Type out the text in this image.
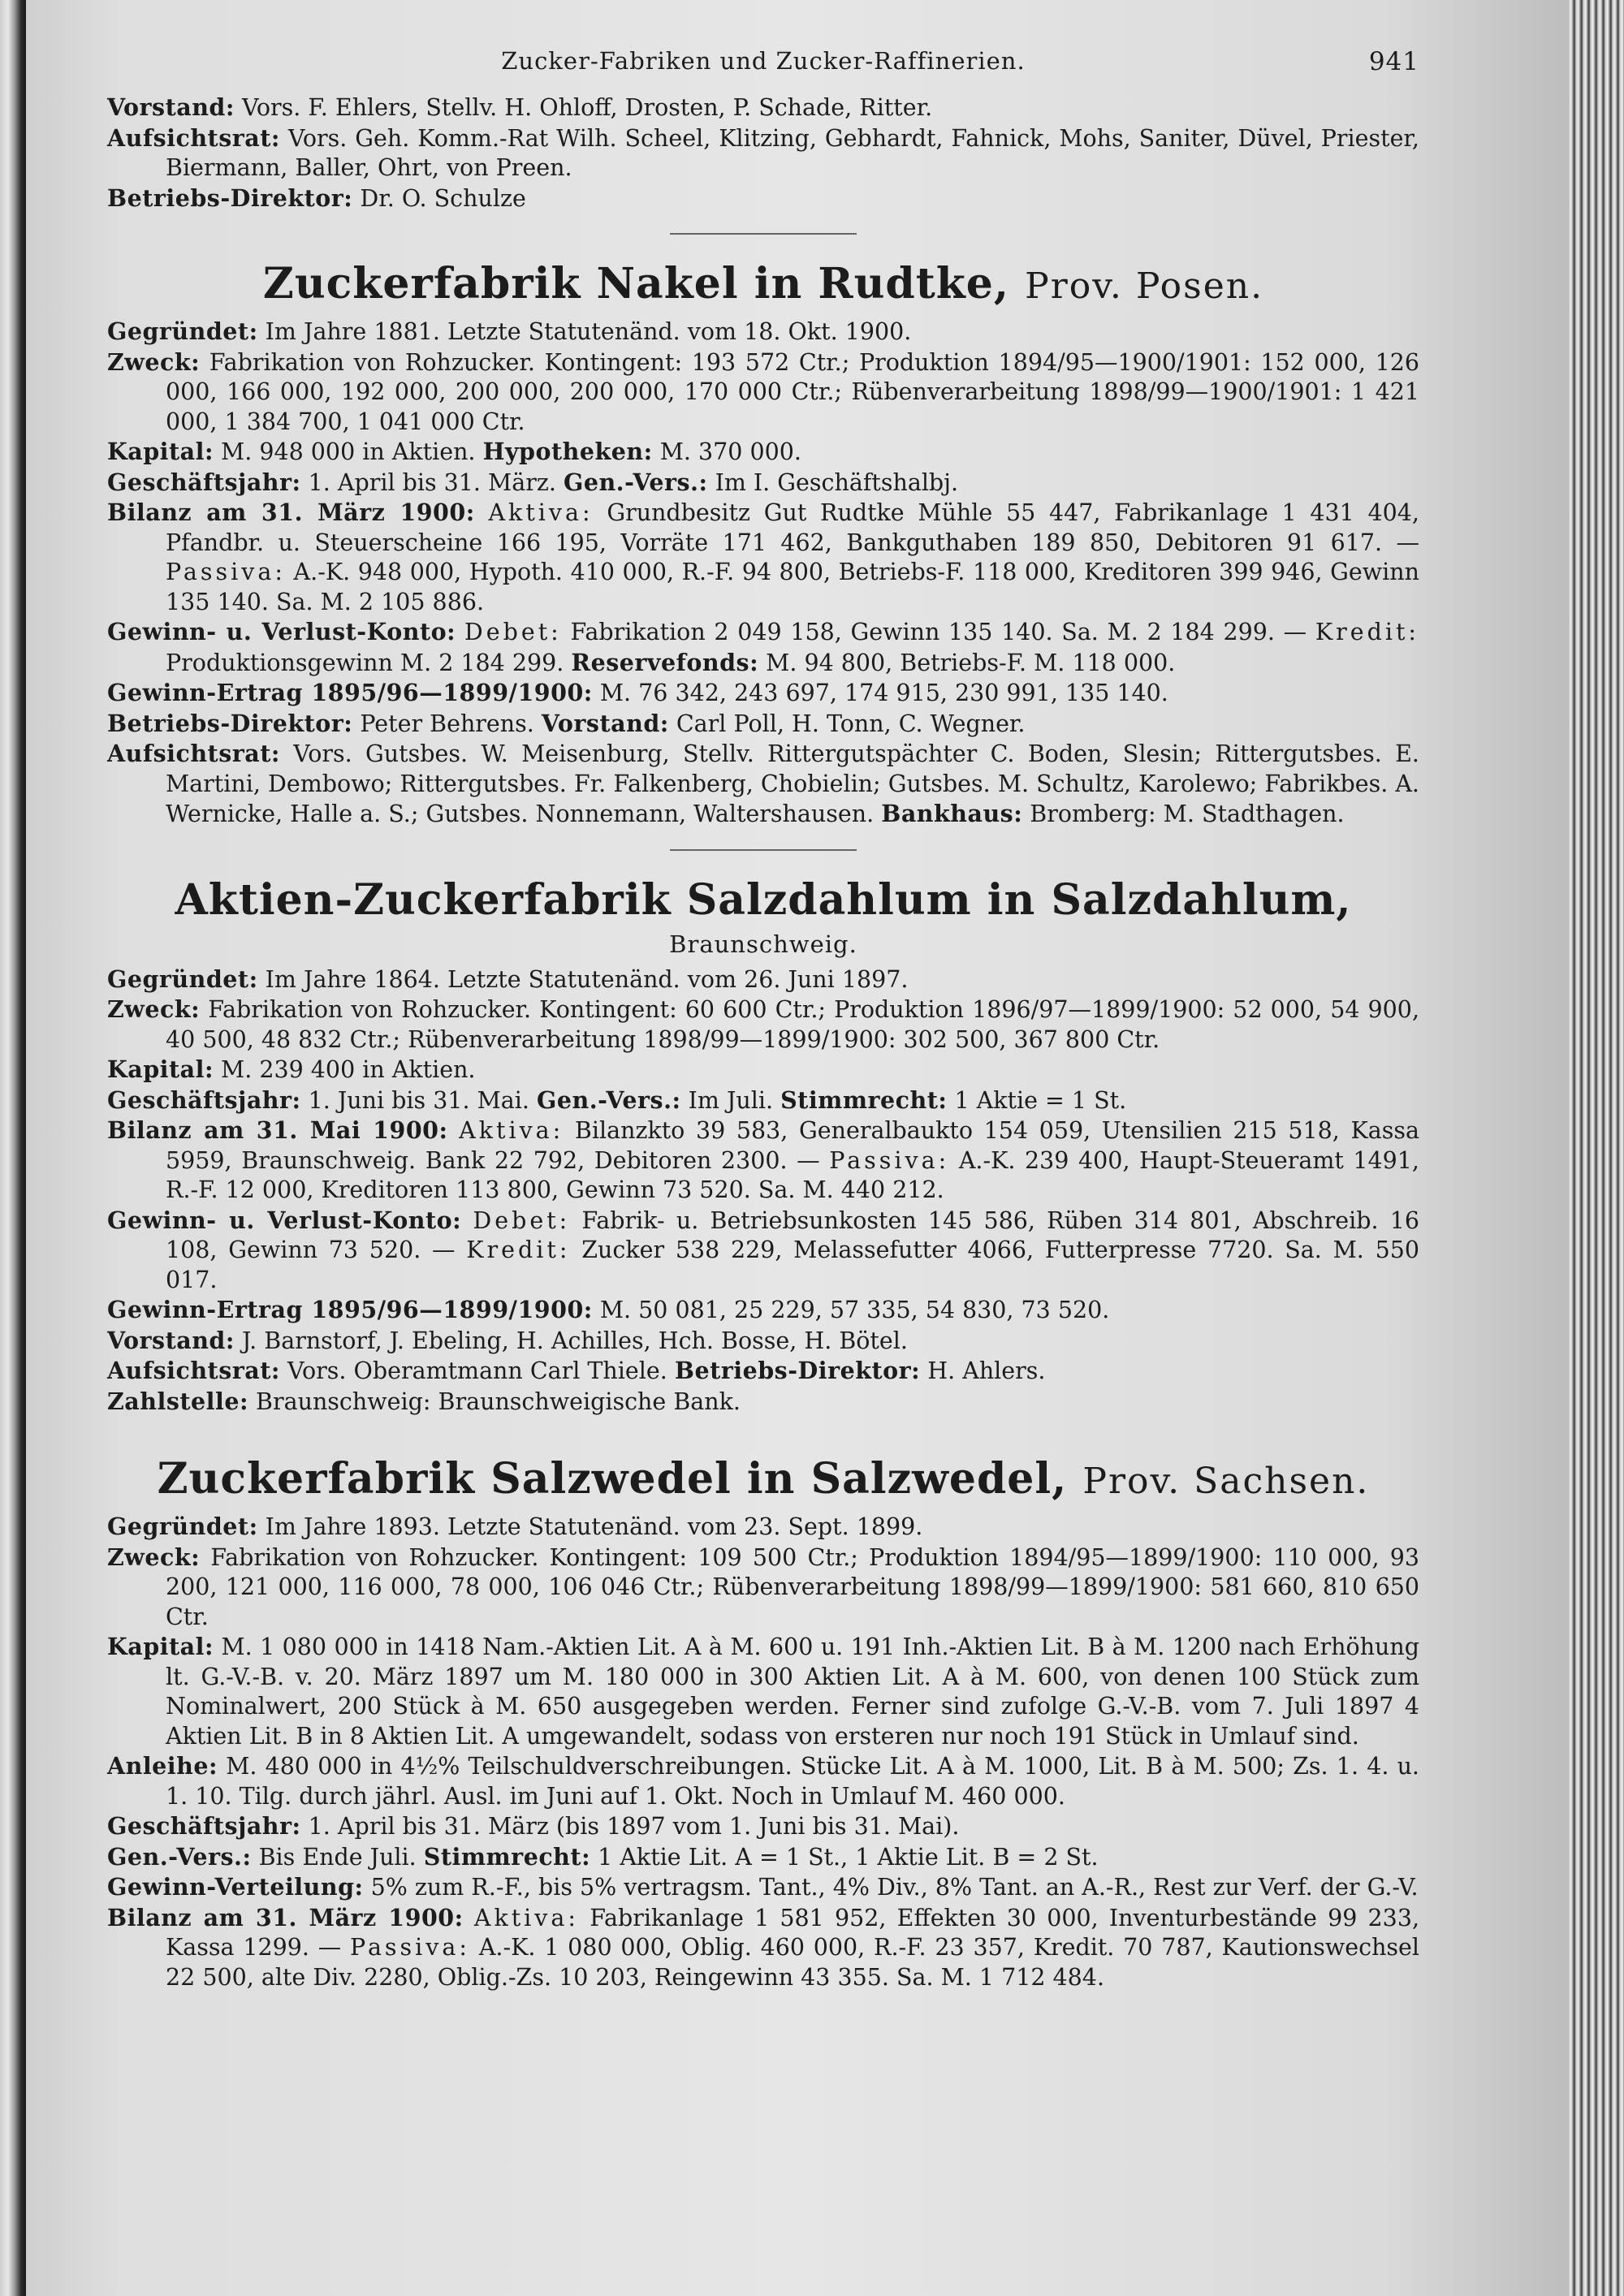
Zucker-Fabriken und Zucker-Raffinerien.	941

Vorstand: Vors. F. Ehlers, Stellv. H. Ohloff, Drosten, P. Schade, Ritter.

Aufsichtsrat: Vors. Geh. Komm.-Rat Wilh. Scheel, Klitzing, Gebhardt, Fahnick, Mohs, Saniter, Düvel, Priester, Biermann, Baller, Ohrt, von Preen.

Betriebs-Direktor: Dr. O. Schulze

Zuckerfabrik Nakel in Rudtke, Prov. Posen.

Gegründet: Im Jahre 1881. Letzte Statutenänd. vom 18. Okt. 1900.

Zweck: Fabrikation von Rohzucker. Kontingent: 193 572 Ctr.; Produktion 1894/95—1900/1901: 152 000, 126 000, 166 000, 192 000, 200 000, 200 000, 170 000 Ctr.; Rübenverarbeitung 1898/99—1900/1901: 1 421 000, 1 384 700, 1 041 000 Ctr.

Kapital: M. 948 000 in Aktien. Hypotheken: M. 370 000.

Geschäftsjahr: 1. April bis 31. März. Gen.-Vers.: Im I. Geschäftshalbj.

Bilanz am 31. März 1900: Aktiva: Grundbesitz Gut Rudtke Mühle 55 447, Fabrikanlage 1 431 404, Pfandbr. u. Steuerscheine 166 195, Vorräte 171 462, Bankguthaben 189 850, Debitoren 91 617. — Passiva: A.-K. 948 000, Hypoth. 410 000, R.-F. 94 800, Betriebs-F. 118 000, Kreditoren 399 946, Gewinn 135 140. Sa. M. 2 105 886.

Gewinn- u. Verlust-Konto: Debet: Fabrikation 2 049 158, Gewinn 135 140. Sa. M. 2 184 299. — Kredit: Produktionsgewinn M. 2 184 299. Reservefonds: M. 94 800, Betriebs-F. M. 118 000.

Gewinn-Ertrag 1895/96—1899/1900: M. 76 342, 243 697, 174 915, 230 991, 135 140.

Betriebs-Direktor: Peter Behrens. Vorstand: Carl Poll, H. Tonn, C. Wegner.

Aufsichtsrat: Vors. Gutsbes. W. Meisenburg, Stellv. Rittergutspächter C. Boden, Slesin; Rittergutsbes. E. Martini, Dembowo; Rittergutsbes. Fr. Falkenberg, Chobielin; Gutsbes. M. Schultz, Karolewo; Fabrikbes. A. Wernicke, Halle a. S.; Gutsbes. Nonnemann, Waltershausen. Bankhaus: Bromberg: M. Stadthagen.

Aktien-Zuckerfabrik Salzdahlum in Salzdahlum,
Braunschweig.

Gegründet: Im Jahre 1864. Letzte Statutenänd. vom 26. Juni 1897.

Zweck: Fabrikation von Rohzucker. Kontingent: 60 600 Ctr.; Produktion 1896/97—1899/1900: 52 000, 54 900, 40 500, 48 832 Ctr.; Rübenverarbeitung 1898/99—1899/1900: 302 500, 367 800 Ctr.

Kapital: M. 239 400 in Aktien.

Geschäftsjahr: 1. Juni bis 31. Mai. Gen.-Vers.: Im Juli. Stimmrecht: 1 Aktie = 1 St.

Bilanz am 31. Mai 1900: Aktiva: Bilanzkto 39 583, Generalbaukto 154 059, Utensilien 215 518, Kassa 5959, Braunschweig. Bank 22 792, Debitoren 2300. — Passiva: A.-K. 239 400, Haupt-Steueramt 1491, R.-F. 12 000, Kreditoren 113 800, Gewinn 73 520. Sa. M. 440 212.

Gewinn- u. Verlust-Konto: Debet: Fabrik- u. Betriebsunkosten 145 586, Rüben 314 801, Abschreib. 16 108, Gewinn 73 520. — Kredit: Zucker 538 229, Melassefutter 4066, Futterpresse 7720. Sa. M. 550 017.

Gewinn-Ertrag 1895/96—1899/1900: M. 50 081, 25 229, 57 335, 54 830, 73 520.

Vorstand: J. Barnstorf, J. Ebeling, H. Achilles, Hch. Bosse, H. Bötel.

Aufsichtsrat: Vors. Oberamtmann Carl Thiele. Betriebs-Direktor: H. Ahlers.

Zahlstelle: Braunschweig: Braunschweigische Bank.

Zuckerfabrik Salzwedel in Salzwedel, Prov. Sachsen.

Gegründet: Im Jahre 1893. Letzte Statutenänd. vom 23. Sept. 1899.

Zweck: Fabrikation von Rohzucker. Kontingent: 109 500 Ctr.; Produktion 1894/95—1899/1900: 110 000, 93 200, 121 000, 116 000, 78 000, 106 046 Ctr.; Rübenverarbeitung 1898/99—1899/1900: 581 660, 810 650 Ctr.

Kapital: M. 1 080 000 in 1418 Nam.-Aktien Lit. A à M. 600 u. 191 Inh.-Aktien Lit. B à M. 1200 nach Erhöhung lt. G.-V.-B. v. 20. März 1897 um M. 180 000 in 300 Aktien Lit. A à M. 600, von denen 100 Stück zum Nominalwert, 200 Stück à M. 650 ausgegeben werden. Ferner sind zufolge G.-V.-B. vom 7. Juli 1897 4 Aktien Lit. B in 8 Aktien Lit. A umgewandelt, sodass von ersteren nur noch 191 Stück in Umlauf sind.

Anleihe: M. 480 000 in 4½% Teilschuldverschreibungen. Stücke Lit. A à M. 1000, Lit. B à M. 500; Zs. 1. 4. u. 1. 10. Tilg. durch jährl. Ausl. im Juni auf 1. Okt. Noch in Umlauf M. 460 000.

Geschäftsjahr: 1. April bis 31. März (bis 1897 vom 1. Juni bis 31. Mai).

Gen.-Vers.: Bis Ende Juli. Stimmrecht: 1 Aktie Lit. A = 1 St., 1 Aktie Lit. B = 2 St.

Gewinn-Verteilung: 5% zum R.-F., bis 5% vertragsm. Tant., 4% Div., 8% Tant. an A.-R., Rest zur Verf. der G.-V.

Bilanz am 31. März 1900: Aktiva: Fabrikanlage 1 581 952, Effekten 30 000, Inventurbestände 99 233, Kassa 1299. — Passiva: A.-K. 1 080 000, Oblig. 460 000, R.-F. 23 357, Kredit. 70 787, Kautionswechsel 22 500, alte Div. 2280, Oblig.-Zs. 10 203, Reingewinn 43 355. Sa. M. 1 712 484.
